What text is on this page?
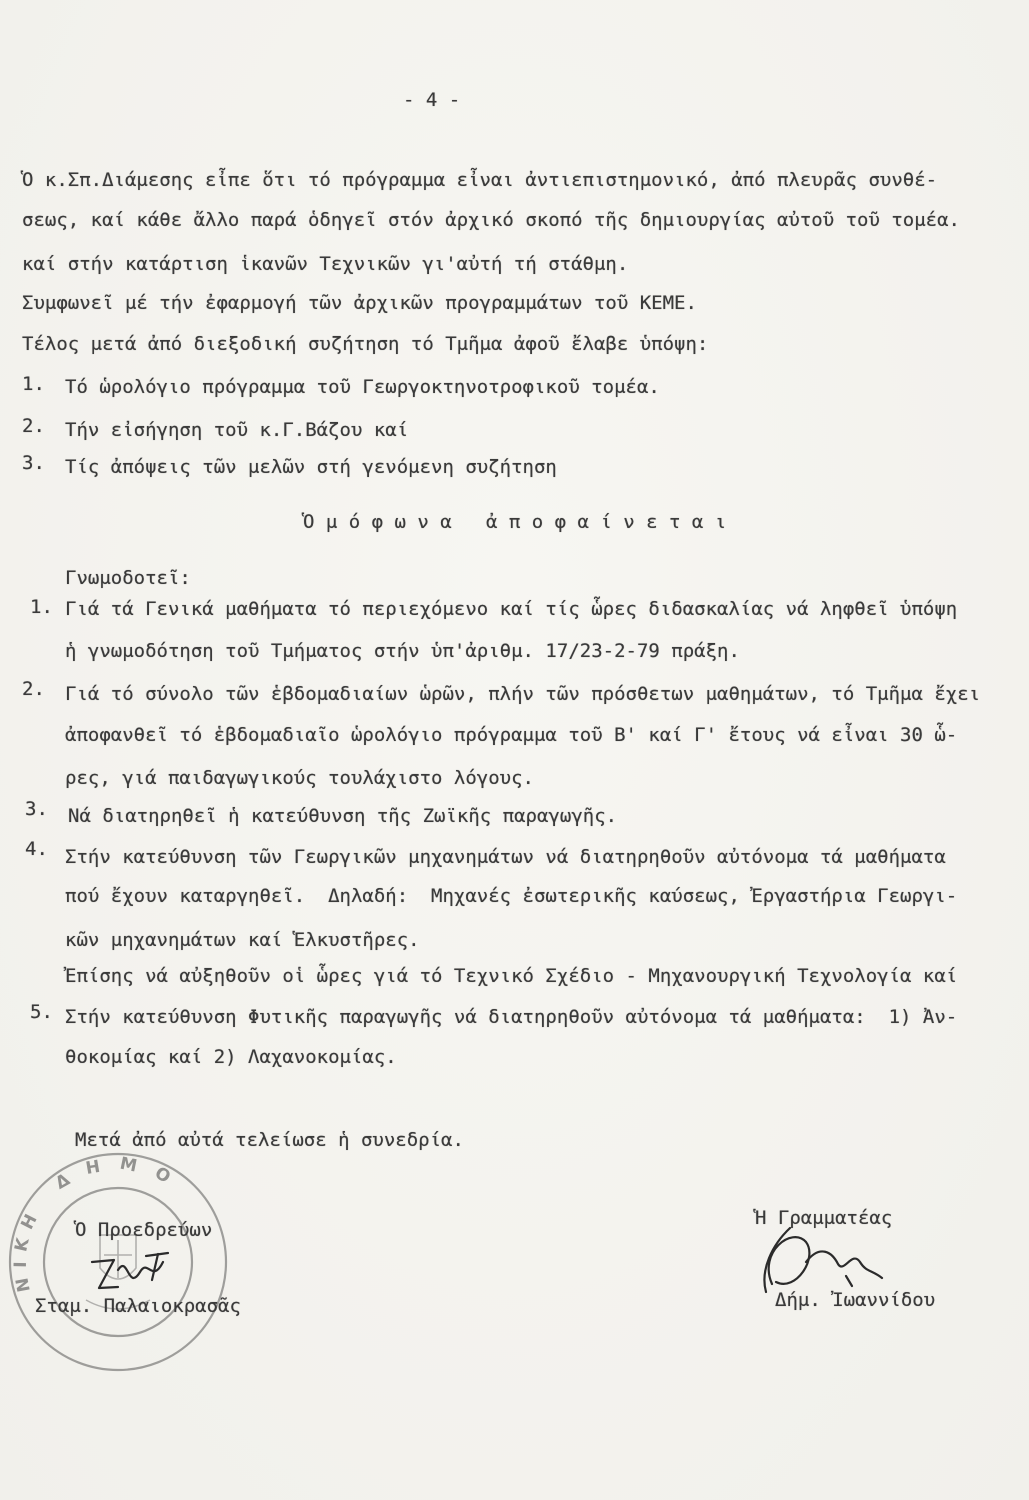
- 4 -
Ὁ κ.Σπ.Διάμεσης εἶπε ὅτι τό πρόγραμμα εἶναι ἀντιεπιστημονικό, ἀπό πλευρᾶς συνθέ-
σεως, καί κάθε ἄλλο παρά ὁδηγεῖ στόν ἀρχικό σκοπό τῆς δημιουργίας αὐτοῦ τοῦ τομέα.
καί στήν κατάρτιση ἱκανῶν Τεχνικῶν γι'αὐτή τή στάθμη.
Συμφωνεῖ μέ τήν ἐφαρμογή τῶν ἀρχικῶν προγραμμάτων τοῦ ΚΕΜΕ.
Τέλος μετά ἀπό διεξοδική συζήτηση τό Τμῆμα ἀφοῦ ἔλαβε ὑπόψη:
1. Τό ὡρολόγιο πρόγραμμα τοῦ Γεωργοκτηνοτροφικοῦ τομέα.
2. Τήν εἰσήγηση τοῦ κ.Γ.Βάζου καί
3. Τίς ἀπόψεις τῶν μελῶν στή γενόμενη συζήτηση
Ὁ μ ό φ ω ν α   ἀ π ο φ α ί ν ε τ α ι
Γνωμοδοτεῖ:
1. Γιά τά Γενικά μαθήματα τό περιεχόμενο καί τίς ὧρες διδασκαλίας νά ληφθεῖ ὑπόψη
ἡ γνωμοδότηση τοῦ Τμήματος στήν ὑπ'ἀριθμ. 17/23-2-79 πράξη.
2. Γιά τό σύνολο τῶν ἑβδομαδιαίων ὡρῶν, πλήν τῶν πρόσθετων μαθημάτων, τό Τμῆμα ἔχει
ἀποφανθεῖ τό ἑβδομαδιαῖο ὡρολόγιο πρόγραμμα τοῦ Β' καί Γ' ἔτους νά εἶναι 30 ὧ-
ρες, γιά παιδαγωγικούς τουλάχιστο λόγους.
3. Νά διατηρηθεῖ ἡ κατεύθυνση τῆς Ζωϊκῆς παραγωγῆς.
4. Στήν κατεύθυνση τῶν Γεωργικῶν μηχανημάτων νά διατηρηθοῦν αὐτόνομα τά μαθήματα
πού ἔχουν καταργηθεῖ.  Δηλαδή:  Μηχανές ἐσωτερικῆς καύσεως, Ἐργαστήρια Γεωργι-
κῶν μηχανημάτων καί Ἑλκυστῆρες.
Ἐπίσης νά αὐξηθοῦν οἱ ὧρες γιά τό Τεχνικό Σχέδιο - Μηχανουργική Τεχνολογία καί
5. Στήν κατεύθυνση Φυτικῆς παραγωγῆς νά διατηρηθοῦν αὐτόνομα τά μαθήματα:  1) Ἀν-
θοκομίας καί 2) Λαχανοκομίας.
Μετά ἀπό αὐτά τελείωσε ἡ συνεδρία.
Ὁ Προεδρεύων
Ἡ Γραμματέας
Σταμ. Παλαιοκρασᾶς	Δήμ. Ἰωαννίδου
ΝΙΚΗ
ΔΗΜΟ
